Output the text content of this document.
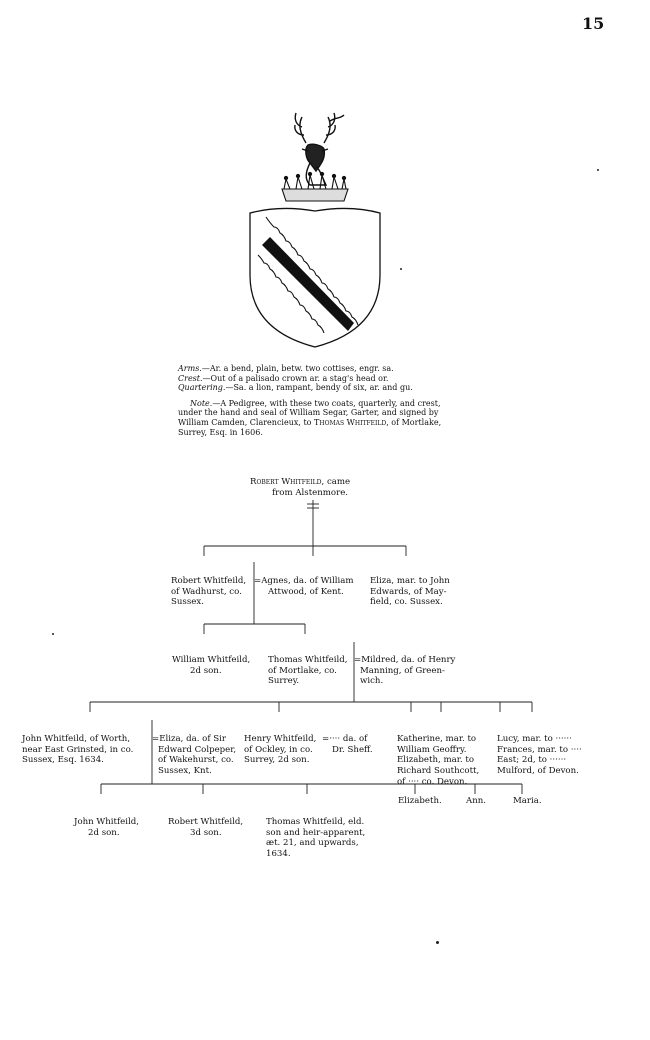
15

Arms.—Ar. a bend, plain, betw. two cottises, engr. sa.

Crest.—Out of a palisado crown ar. a stag's head or.

Quartering.—Sa. a lion, rampant, bendy of six, ar. and gu.

Note.—A Pedigree, with these two coats, quarterly, and crest,

under the hand and seal of William Segar, Garter, and signed by

William Camden, Clarencieux, to Thomas Whitfeild, of Mortlake,

Surrey, Esq. in 1606.

Robert Whitfeild, came
from Alstenmore.

Robert Whitfeild,
of Wadhurst, co.
Sussex.

=Agnes, da. of William
Attwood, of Kent.

Eliza, mar. to John
Edwards, of May-
field, co. Sussex.

William Whitfeild,
2d son.

Thomas Whitfeild,
of Mortlake, co.
Surrey.

=Mildred, da. of Henry
Manning, of Green-
wich.

John Whitfeild, of Worth,
near East Grinsted, in co.
Sussex, Esq. 1634.

=Eliza, da. of Sir
Edward Colpeper,
of Wakehurst, co.
Sussex, Knt.

Henry Whitfeild,
of Ockley, in co.
Surrey, 2d son.

=···· da. of
Dr. Sheff.

Katherine, mar. to
William Geoffry.
Elizabeth, mar. to
Richard Southcott,
of ···· co. Devon.

Lucy, mar. to ······
Frances, mar. to ····
East; 2d, to ······
Mulford, of Devon.

John Whitfeild,
2d son.

Robert Whitfeild,
3d son.

Thomas Whitfeild, eld.
son and heir-apparent,
æt. 21, and upwards,
1634.

Elizabeth.	Ann.	Maria.
